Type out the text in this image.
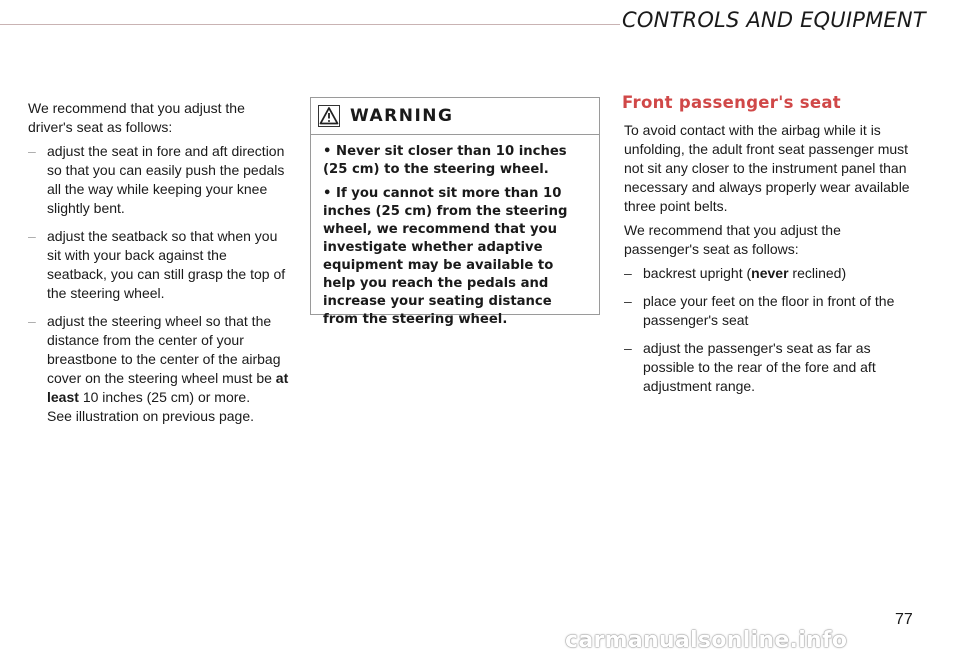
CONTROLS AND EQUIPMENT

We recommend that you adjust the driver's seat as follows:

– adjust the seat in fore and aft direction so that you can easily push the pedals all the way while keeping your knee slightly bent.
– adjust the seatback so that when you sit with your back against the seatback, you can still grasp the top of the steering wheel.
– adjust the steering wheel so that the distance from the center of your breastbone to the center of the airbag cover on the steering wheel must be at least 10 inches (25 cm) or more.
See illustration on previous page.
WARNING
• Never sit closer than 10 inches (25 cm) to the steering wheel.
• If you cannot sit more than 10 inches (25 cm) from the steering wheel, we recommend that you investigate whether adaptive equipment may be available to help you reach the pedals and increase your seating distance from the steering wheel.
Front passenger's seat

To avoid contact with the airbag while it is unfolding, the adult front seat passenger must not sit any closer to the instrument panel than necessary and always properly wear available three point belts.

We recommend that you adjust the passenger's seat as follows:

– backrest upright (never reclined)
– place your feet on the floor in front of the passenger's seat
– adjust the passenger's seat as far as possible to the rear of the fore and aft adjustment range.
77
carmanualsonline.info
